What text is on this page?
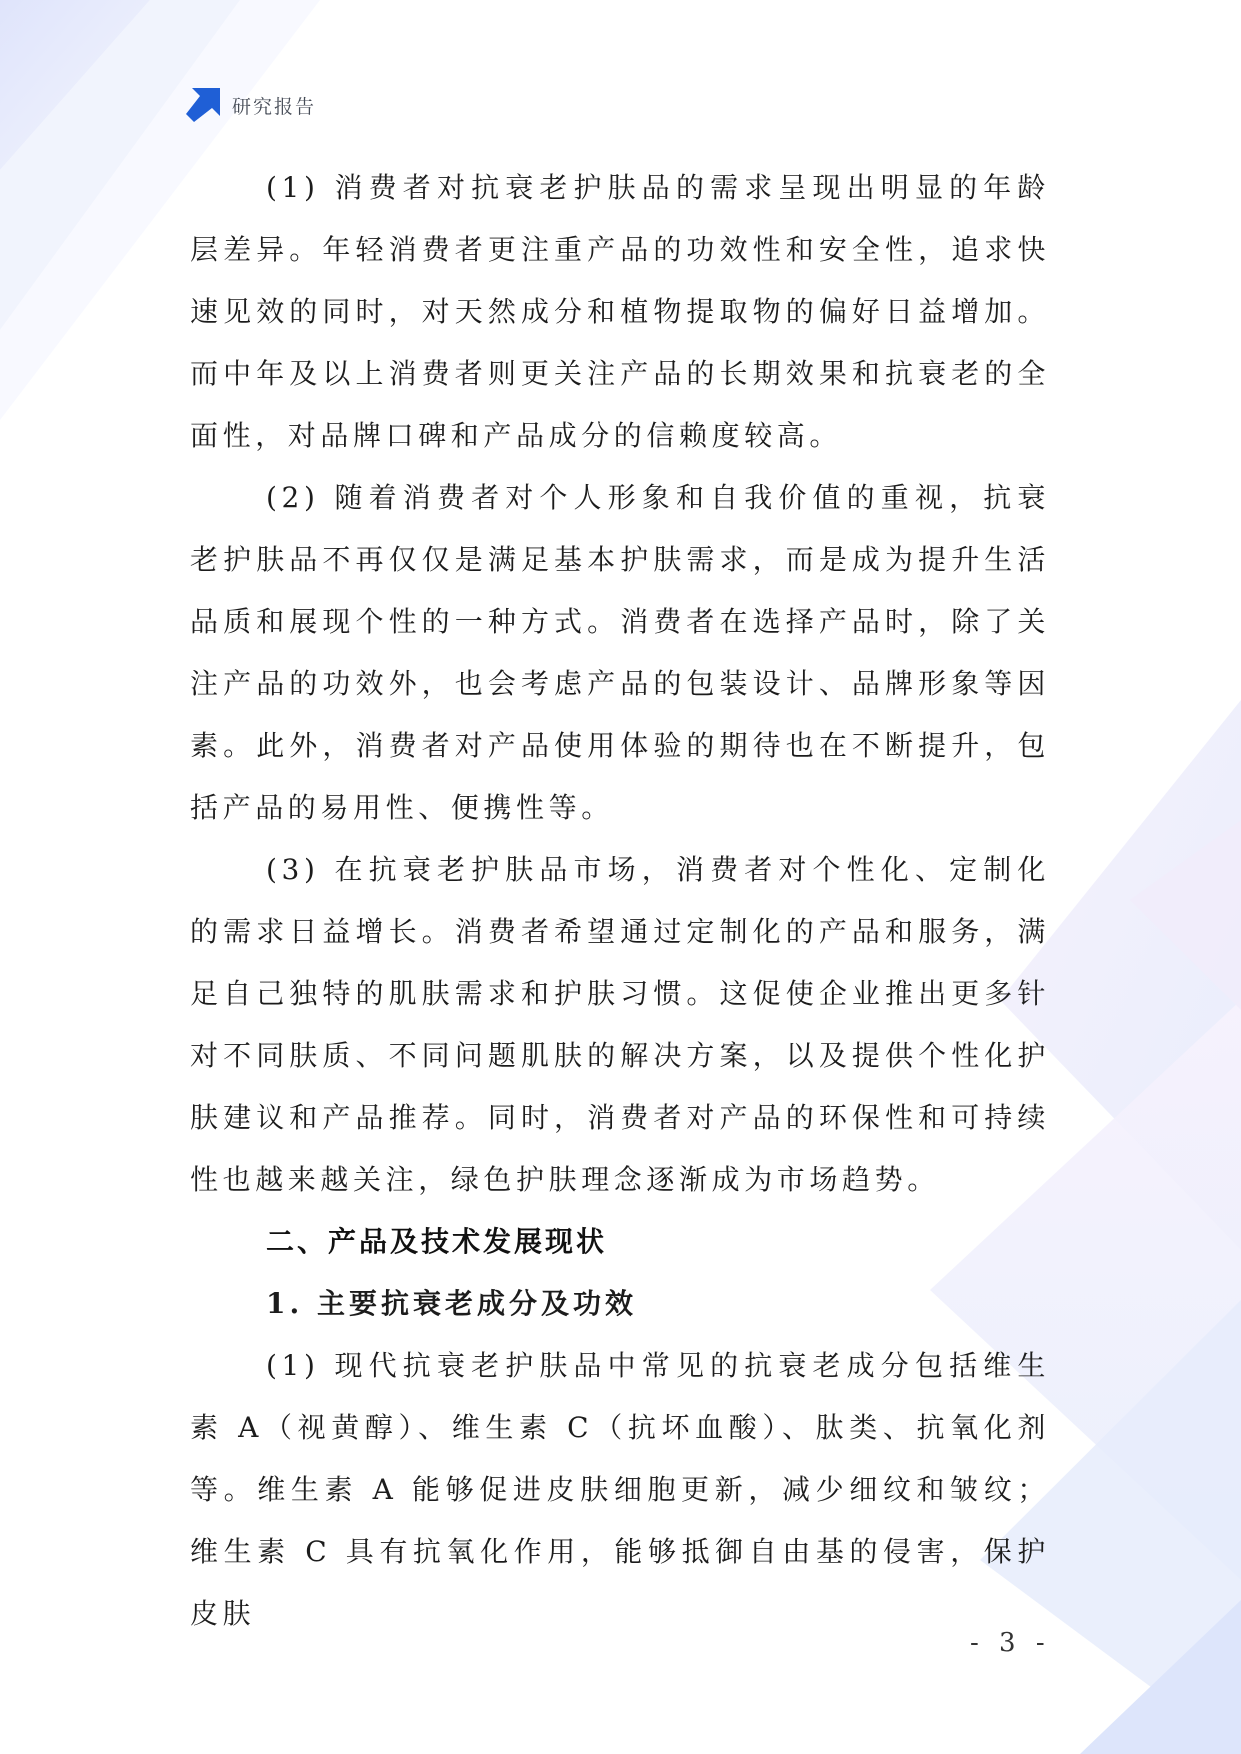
研究报告

(1) 消费者对抗衰老护肤品的需求呈现出明显的年龄层差异。年轻消费者更注重产品的功效性和安全性，追求快速见效的同时，对天然成分和植物提取物的偏好日益增加。而中年及以上消费者则更关注产品的长期效果和抗衰老的全面性，对品牌口碑和产品成分的信赖度较高。

(2) 随着消费者对个人形象和自我价值的重视，抗衰老护肤品不再仅仅是满足基本护肤需求，而是成为提升生活品质和展现个性的一种方式。消费者在选择产品时，除了关注产品的功效外，也会考虑产品的包装设计、品牌形象等因素。此外，消费者对产品使用体验的期待也在不断提升，包括产品的易用性、便携性等。

(3) 在抗衰老护肤品市场，消费者对个性化、定制化的需求日益增长。消费者希望通过定制化的产品和服务，满足自己独特的肌肤需求和护肤习惯。这促使企业推出更多针对不同肤质、不同问题肌肤的解决方案，以及提供个性化护肤建议和产品推荐。同时，消费者对产品的环保性和可持续性也越来越关注，绿色护肤理念逐渐成为市场趋势。

二、产品及技术发展现状
1. 主要抗衰老成分及功效

(1) 现代抗衰老护肤品中常见的抗衰老成分包括维生素 A（视黄醇）、维生素 C（抗坏血酸）、肽类、抗氧化剂等。维生素 A 能够促进皮肤细胞更新，减少细纹和皱纹；维生素 C 具有抗氧化作用，能够抵御自由基的侵害，保护皮肤

- 3 -
